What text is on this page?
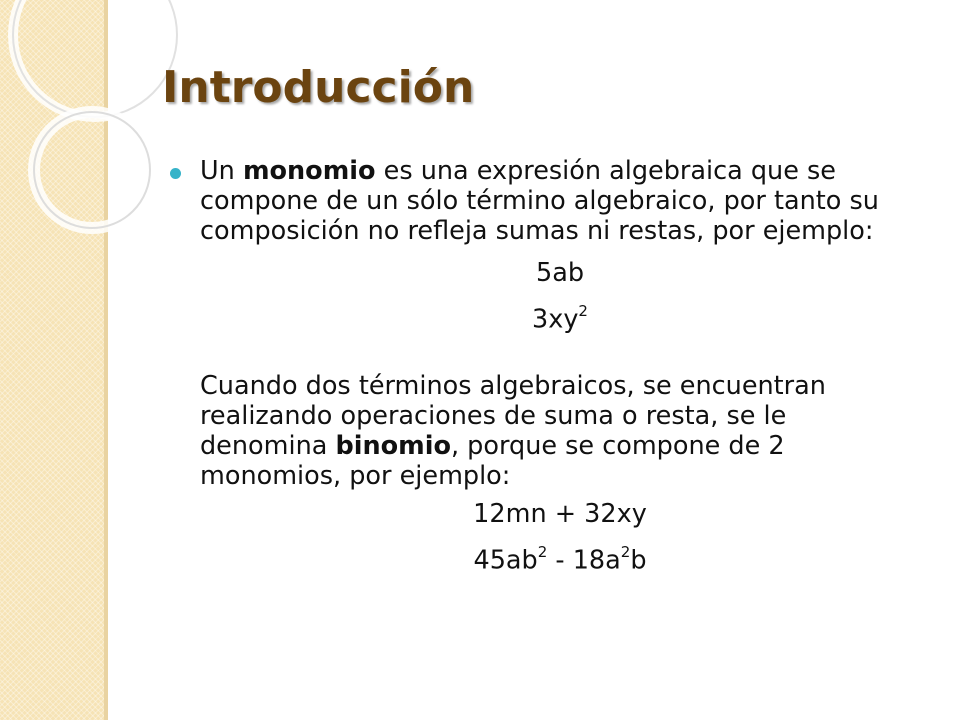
Introducción

Un monomio es una expresión algebraica que se compone de un sólo término algebraico, por tanto su composición no refleja sumas ni restas, por ejemplo:

5ab

$3xy^2$

Cuando dos términos algebraicos, se encuentran realizando operaciones de suma o resta, se le denomina binomio, porque se compone de 2 monomios, por ejemplo:

12mn + 32xy

$45ab^2 - 18a^2b$
